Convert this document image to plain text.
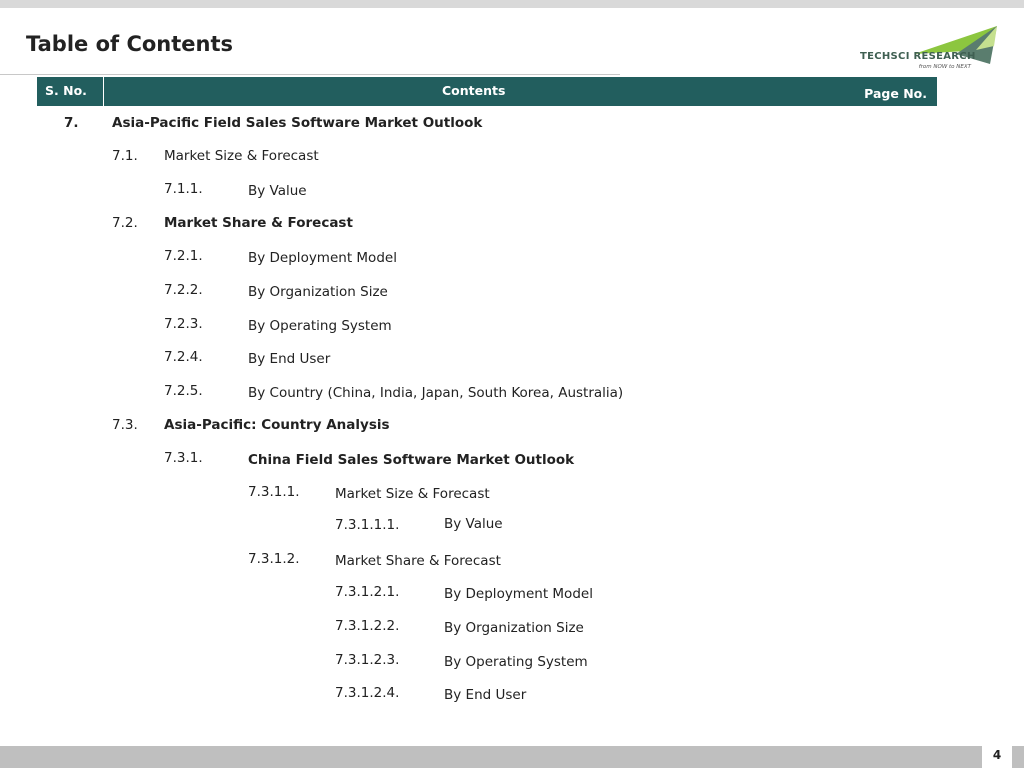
Table of Contents
TECHSCI RESEARCH
from NOW to NEXT
S. No.	Contents	Page No.
7. Asia-Pacific Field Sales Software Market Outlook
7.1. Market Size & Forecast
7.1.1.	By Value
7.2. Market Share & Forecast
7.2.1.	By Deployment Model
7.2.2.	By Organization Size
7.2.3.	By Operating System
7.2.4.	By End User
7.2.5.	By Country (China, India, Japan, South Korea, Australia)
7.3. Asia-Pacific: Country Analysis
7.3.1.	China Field Sales Software Market Outlook
7.3.1.1.	Market Size & Forecast
7.3.1.1.1.	By Value
7.3.1.2.	Market Share & Forecast
7.3.1.2.1.	By Deployment Model
7.3.1.2.2.	By Organization Size
7.3.1.2.3.	By Operating System
7.3.1.2.4.	By End User
4
